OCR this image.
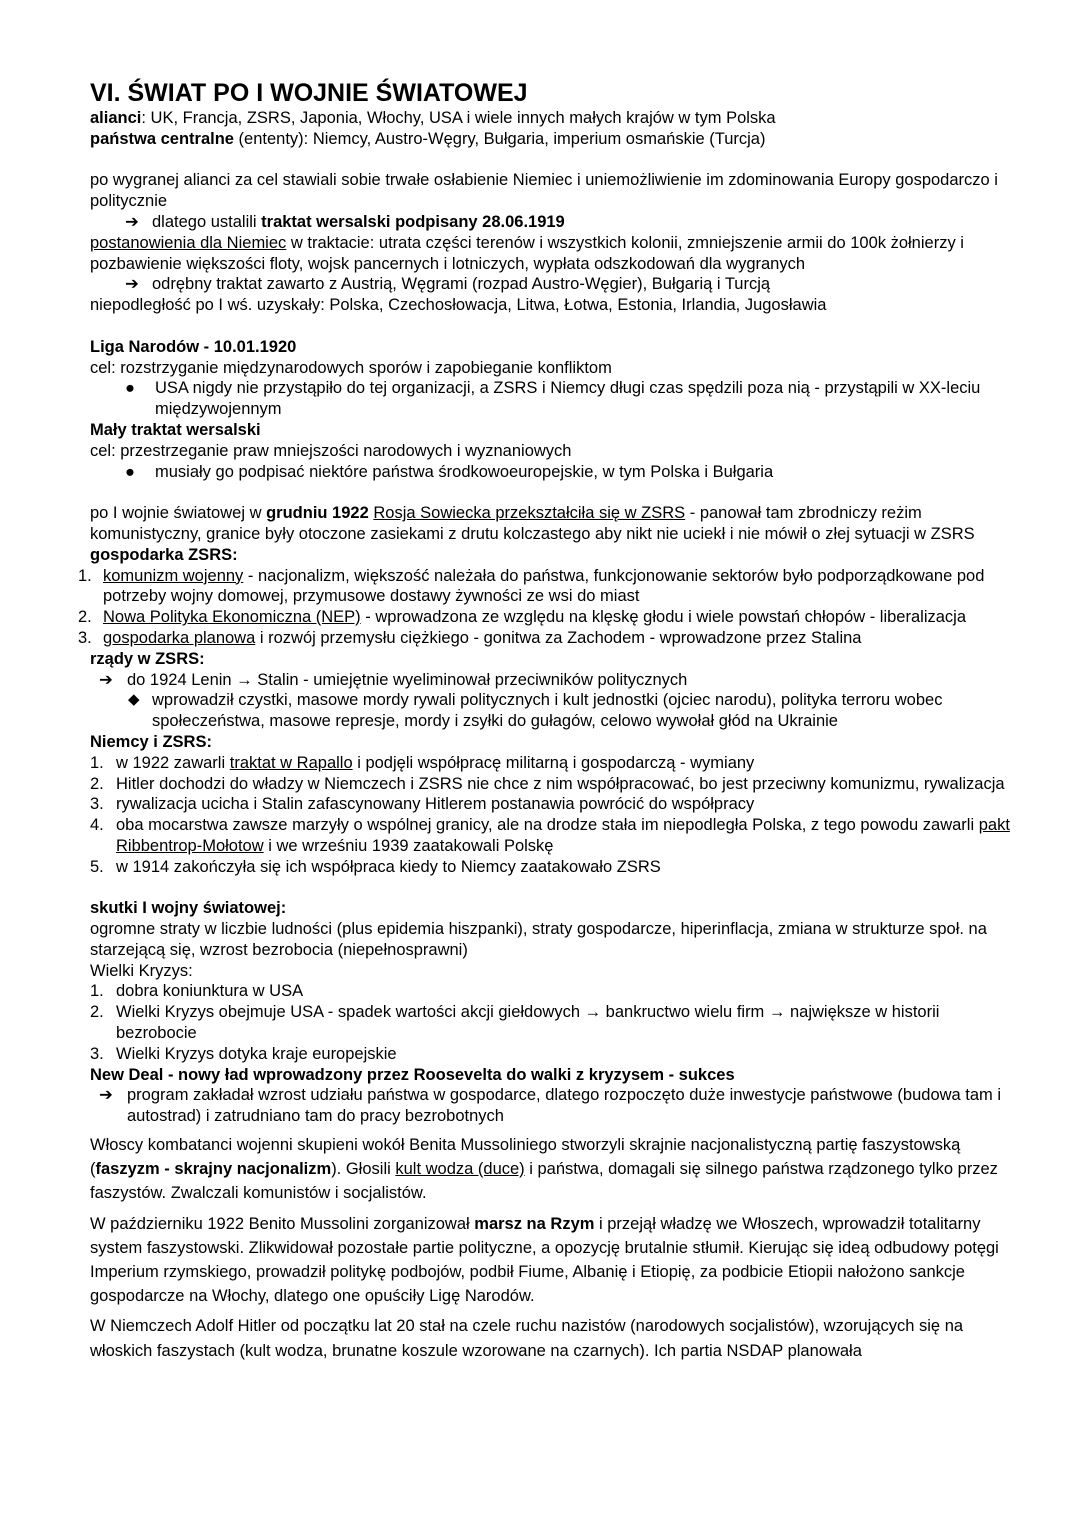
VI. ŚWIAT PO I WOJNIE ŚWIATOWEJ

alianci: UK, Francja, ZSRS, Japonia, Włochy, USA i wiele innych małych krajów w tym Polska

państwa centralne (ententy): Niemcy, Austro-Węgry, Bułgaria, imperium osmańskie (Turcja)

po wygranej alianci za cel stawiali sobie trwałe osłabienie Niemiec i uniemożliwienie im zdominowania Europy gospodarczo i politycznie

➔ dlatego ustalili traktat wersalski podpisany 28.06.1919

postanowienia dla Niemiec w traktacie: utrata części terenów i wszystkich kolonii, zmniejszenie armii do 100k żołnierzy i pozbawienie większości floty, wojsk pancernych i lotniczych, wypłata odszkodowań dla wygranych

➔ odrębny traktat zawarto z Austrią, Węgrami (rozpad Austro-Węgier), Bułgarią i Turcją

niepodległość po I wś. uzyskały: Polska, Czechosłowacja, Litwa, Łotwa, Estonia, Irlandia, Jugosławia

Liga Narodów - 10.01.1920

cel: rozstrzyganie międzynarodowych sporów i zapobieganie konfliktom

● USA nigdy nie przystąpiło do tej organizacji, a ZSRS i Niemcy długi czas spędzili poza nią - przystąpili w XX-leciu międzywojennym

Mały traktat wersalski

cel: przestrzeganie praw mniejszości narodowych i wyznaniowych

● musiały go podpisać niektóre państwa środkowoeuropejskie, w tym Polska i Bułgaria

po I wojnie światowej w grudniu 1922 Rosja Sowiecka przekształciła się w ZSRS - panował tam zbrodniczy reżim komunistyczny, granice były otoczone zasiekami z drutu kolczastego aby nikt nie uciekł i nie mówił o złej sytuacji w ZSRS

gospodarka ZSRS:

1. komunizm wojenny - nacjonalizm, większość należała do państwa, funkcjonowanie sektorów było podporządkowane pod potrzeby wojny domowej, przymusowe dostawy żywności ze wsi do miast

2. Nowa Polityka Ekonomiczna (NEP) - wprowadzona ze względu na klęskę głodu i wiele powstań chłopów - liberalizacja

3. gospodarka planowa i rozwój przemysłu ciężkiego - gonitwa za Zachodem - wprowadzone przez Stalina

rządy w ZSRS:

➔ do 1924 Lenin → Stalin - umiejętnie wyeliminował przeciwników politycznych

◆ wprowadził czystki, masowe mordy rywali politycznych i kult jednostki (ojciec narodu), polityka terroru wobec społeczeństwa, masowe represje, mordy i zsyłki do gułagów, celowo wywołał głód na Ukrainie

Niemcy i ZSRS:

1. w 1922 zawarli traktat w Rapallo i podjęli współpracę militarną i gospodarczą - wymiany

2. Hitler dochodzi do władzy w Niemczech i ZSRS nie chce z nim współpracować, bo jest przeciwny komunizmu, rywalizacja

3. rywalizacja ucicha i Stalin zafascynowany Hitlerem postanawia powrócić do współpracy

4. oba mocarstwa zawsze marzyły o wspólnej granicy, ale na drodze stała im niepodległa Polska, z tego powodu zawarli pakt Ribbentrop-Mołotow i we wrześniu 1939 zaatakowali Polskę

5. w 1914 zakończyła się ich współpraca kiedy to Niemcy zaatakowało ZSRS

skutki I wojny światowej:

ogromne straty w liczbie ludności (plus epidemia hiszpanki), straty gospodarcze, hiperinflacja, zmiana w strukturze społ. na starzejącą się, wzrost bezrobocia (niepełnosprawni)

Wielki Kryzys:

1. dobra koniunktura w USA

2. Wielki Kryzys obejmuje USA - spadek wartości akcji giełdowych → bankructwo wielu firm → największe w historii bezrobocie

3. Wielki Kryzys dotyka kraje europejskie

New Deal - nowy ład wprowadzony przez Roosevelta do walki z kryzysem - sukces

➔ program zakładał wzrost udziału państwa w gospodarce, dlatego rozpoczęto duże inwestycje państwowe (budowa tam i autostrad) i zatrudniano tam do pracy bezrobotnych

Włoscy kombatanci wojenni skupieni wokół Benita Mussoliniego stworzyli skrajnie nacjonalistyczną partię faszystowską (faszyzm - skrajny nacjonalizm). Głosili kult wodza (duce) i państwa, domagali się silnego państwa rządzonego tylko przez faszystów. Zwalczali komunistów i socjalistów.

W październiku 1922 Benito Mussolini zorganizował marsz na Rzym i przejął władzę we Włoszech, wprowadził totalitarny system faszystowski. Zlikwidował pozostałe partie polityczne, a opozycję brutalnie stłumił. Kierując się ideą odbudowy potęgi Imperium rzymskiego, prowadził politykę podbojów, podbił Fiume, Albanię i Etiopię, za podbicie Etiopii nałożono sankcje gospodarcze na Włochy, dlatego one opuściły Ligę Narodów.

W Niemczech Adolf Hitler od początku lat 20 stał na czele ruchu nazistów (narodowych socjalistów), wzorujących się na włoskich faszystach (kult wodza, brunatne koszule wzorowane na czarnych). Ich partia NSDAP planowała
